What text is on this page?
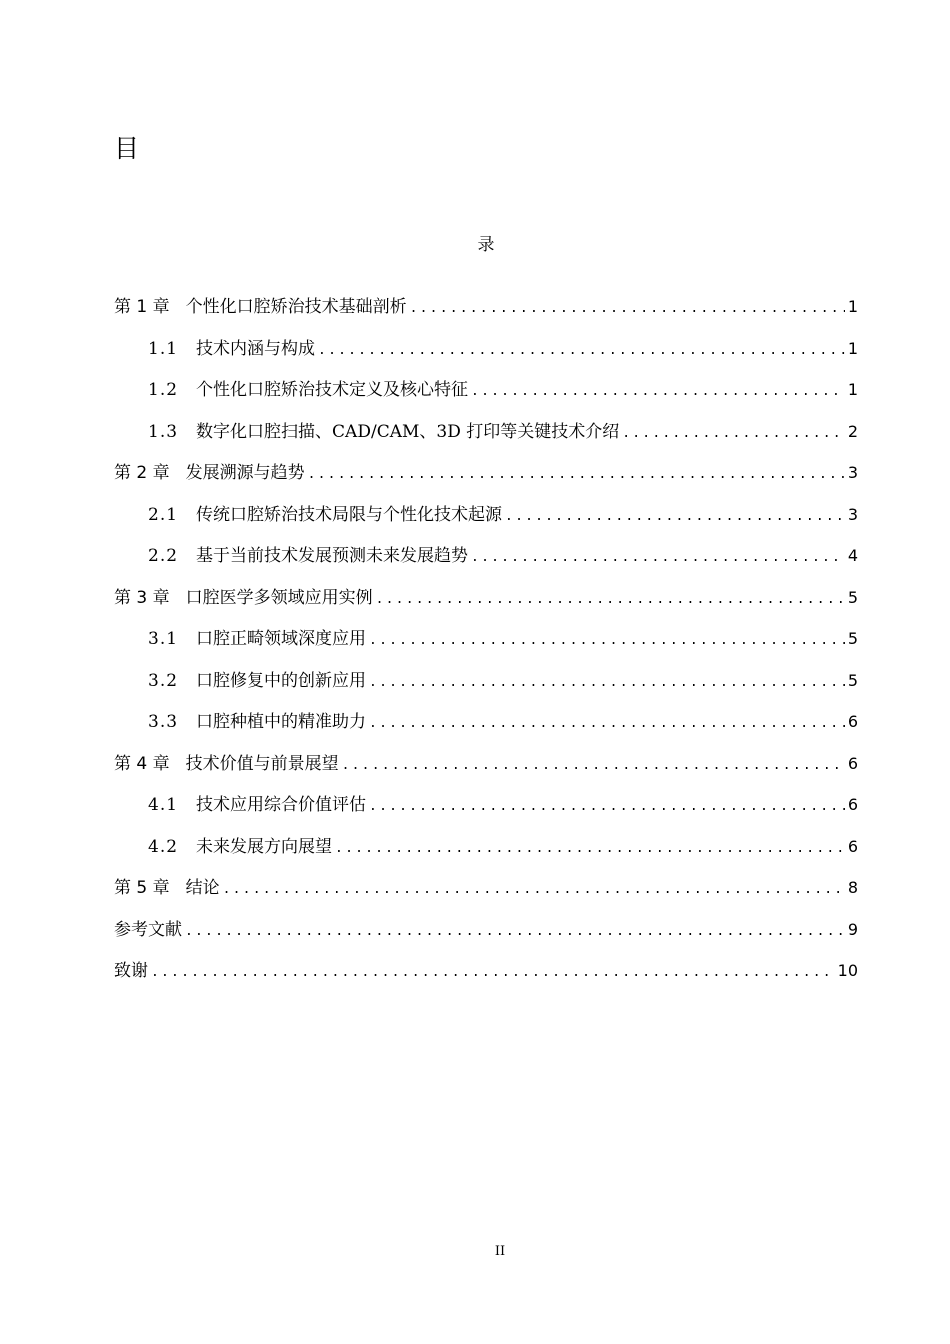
目
录
第 1 章 个性化口腔矫治技术基础剖析 .....	1
1.1 技术内涵与构成 .....	1
1.2 个性化口腔矫治技术定义及核心特征 .....	1
1.3 数字化口腔扫描、CAD/CAM、3D 打印等关键技术介绍 .....	2
第 2 章 发展溯源与趋势 .....	3
2.1 传统口腔矫治技术局限与个性化技术起源 .....	3
2.2 基于当前技术发展预测未来发展趋势 .....	4
第 3 章 口腔医学多领域应用实例 .....	5
3.1 口腔正畸领域深度应用 .....	5
3.2 口腔修复中的创新应用 .....	5
3.3 口腔种植中的精准助力 .....	6
第 4 章 技术价值与前景展望 .....	6
4.1 技术应用综合价值评估 .....	6
4.2 未来发展方向展望 .....	6
第 5 章 结论 .....	8
参考文献 .....	9
致谢 .....	10
II
